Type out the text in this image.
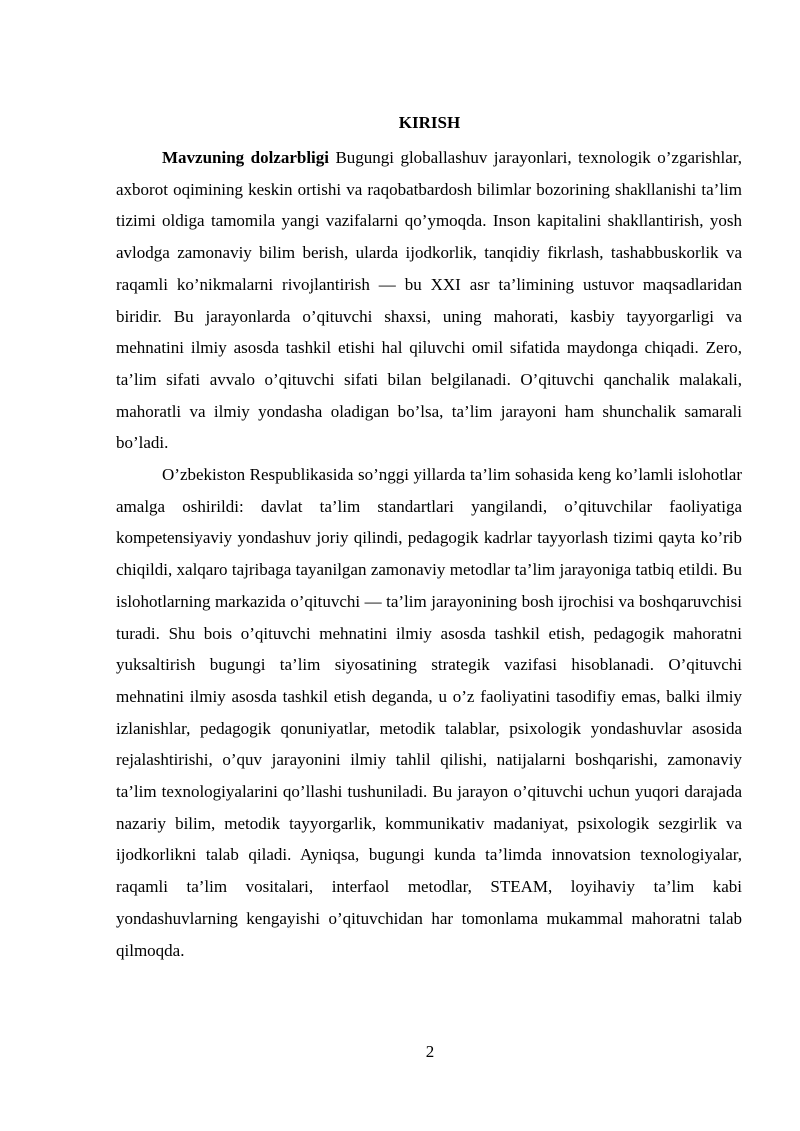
KIRISH

Mavzuning dolzarbligi Bugungi globallashuv jarayonlari, texnologik o’zgarishlar, axborot oqimining keskin ortishi va raqobatbardosh bilimlar bozorining shakllanishi ta’lim tizimi oldiga tamomila yangi vazifalarni qo’ymoqda. Inson kapitalini shakllantirish, yosh avlodga zamonaviy bilim berish, ularda ijodkorlik, tanqidiy fikrlash, tashabbuskorlik va raqamli ko’nikmalarni rivojlantirish — bu XXI asr ta’limining ustuvor maqsadlaridan biridir. Bu jarayonlarda o’qituvchi shaxsi, uning mahorati, kasbiy tayyorgarligi va mehnatini ilmiy asosda tashkil etishi hal qiluvchi omil sifatida maydonga chiqadi. Zero, ta’lim sifati avvalo o’qituvchi sifati bilan belgilanadi. O’qituvchi qanchalik malakali, mahoratli va ilmiy yondasha oladigan bo’lsa, ta’lim jarayoni ham shunchalik samarali bo’ladi.

O’zbekiston Respublikasida so’nggi yillarda ta’lim sohasida keng ko’lamli islohotlar amalga oshirildi: davlat ta’lim standartlari yangilandi, o’qituvchilar faoliyatiga kompetensiyaviy yondashuv joriy qilindi, pedagogik kadrlar tayyorlash tizimi qayta ko’rib chiqildi, xalqaro tajribaga tayanilgan zamonaviy metodlar ta’lim jarayoniga tatbiq etildi. Bu islohotlarning markazida o’qituvchi — ta’lim jarayonining bosh ijrochisi va boshqaruvchisi turadi. Shu bois o’qituvchi mehnatini ilmiy asosda tashkil etish, pedagogik mahoratni yuksaltirish bugungi ta’lim siyosatining strategik vazifasi hisoblanadi. O’qituvchi mehnatini ilmiy asosda tashkil etish deganda, u o’z faoliyatini tasodifiy emas, balki ilmiy izlanishlar, pedagogik qonuniyatlar, metodik talablar, psixologik yondashuvlar asosida rejalashtirishi, o’quv jarayonini ilmiy tahlil qilishi, natijalarni boshqarishi, zamonaviy ta’lim texnologiyalarini qo’llashi tushuniladi. Bu jarayon o’qituvchi uchun yuqori darajada nazariy bilim, metodik tayyorgarlik, kommunikativ madaniyat, psixologik sezgirlik va ijodkorlikni talab qiladi. Ayniqsa, bugungi kunda ta’limda innovatsion texnologiyalar, raqamli ta’lim vositalari, interfaol metodlar, STEAM, loyihaviy ta’lim kabi yondashuvlarning kengayishi o’qituvchidan har tomonlama mukammal mahoratni talab qilmoqda.

2
